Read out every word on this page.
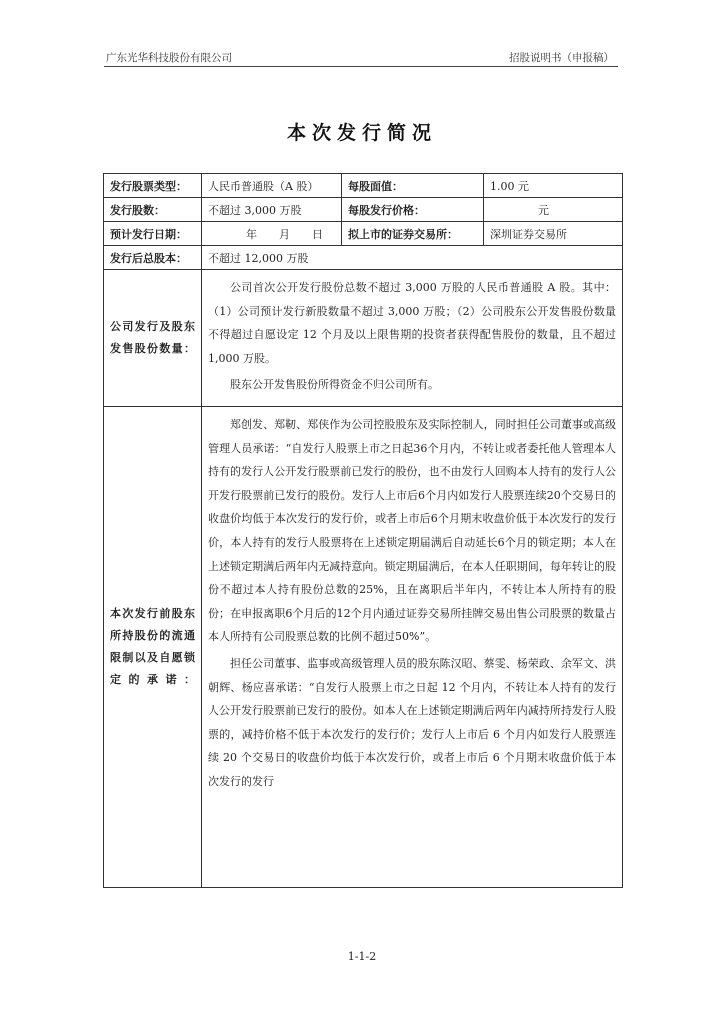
广东光华科技股份有限公司	招股说明书（申报稿）
本次发行简况
发行股票类型：	人民币普通股（A 股）	每股面值：	1.00 元
发行股数：	不超过 3,000 万股	每股发行价格：	元
预计发行日期：	年　　月　　日	拟上市的证券交易所：	深圳证券交易所
发行后总股本：	不超过 12,000 万股		
公司发行及股东发售股份数量：	公司首次公开发行股份总数不超过 3,000 万股的人民币普通股 A 股。其中：（1）公司预计发行新股数量不超过 3,000 万股；（2）公司股东公开发售股份数量不得超过自愿设定 12 个月及以上限售期的投资者获得配售股份的数量，且不超过 1,000 万股。

股东公开发售股份所得资金不归公司所有。		

本次发行前股东所持股份的流通限制以及自愿锁定的承诺：	郑创发、郑靭、郑侠作为公司控股股东及实际控制人，同时担任公司董事或高级管理人员承诺：“自发行人股票上市之日起36个月内，不转让或者委托他人管理本人持有的发行人公开发行股票前已发行的股份，也不由发行人回购本人持有的发行人公开发行股票前已发行的股份。发行人上市后6个月内如发行人股票连续20个交易日的收盘价均低于本次发行的发行价，或者上市后6个月期末收盘价低于本次发行的发行价，本人持有的发行人股票将在上述锁定期届满后自动延长6个月的锁定期；本人在上述锁定期满后两年内无减持意向。锁定期届满后，在本人任职期间，每年转让的股份不超过本人持有股份总数的25%，且在离职后半年内，不转让本人所持有的股份；在申报离职6个月后的12个月内通过证券交易所挂牌交易出售公司股票的数量占本人所持有公司股票总数的比例不超过50%”。

担任公司董事、监事或高级管理人员的股东陈汉昭、蔡雯、杨荣政、余军文、洪朝辉、杨应喜承诺：“自发行人股票上市之日起 12 个月内，不转让本人持有的发行人公开发行股票前已发行的股份。如本人在上述锁定期满后两年内减持所持发行人股票的，减持价格不低于本次发行的发行价；发行人上市后 6 个月内如发行人股票连续 20 个交易日的收盘价均低于本次发行价，或者上市后 6 个月期末收盘价低于本次发行的发行		

1-1-2
